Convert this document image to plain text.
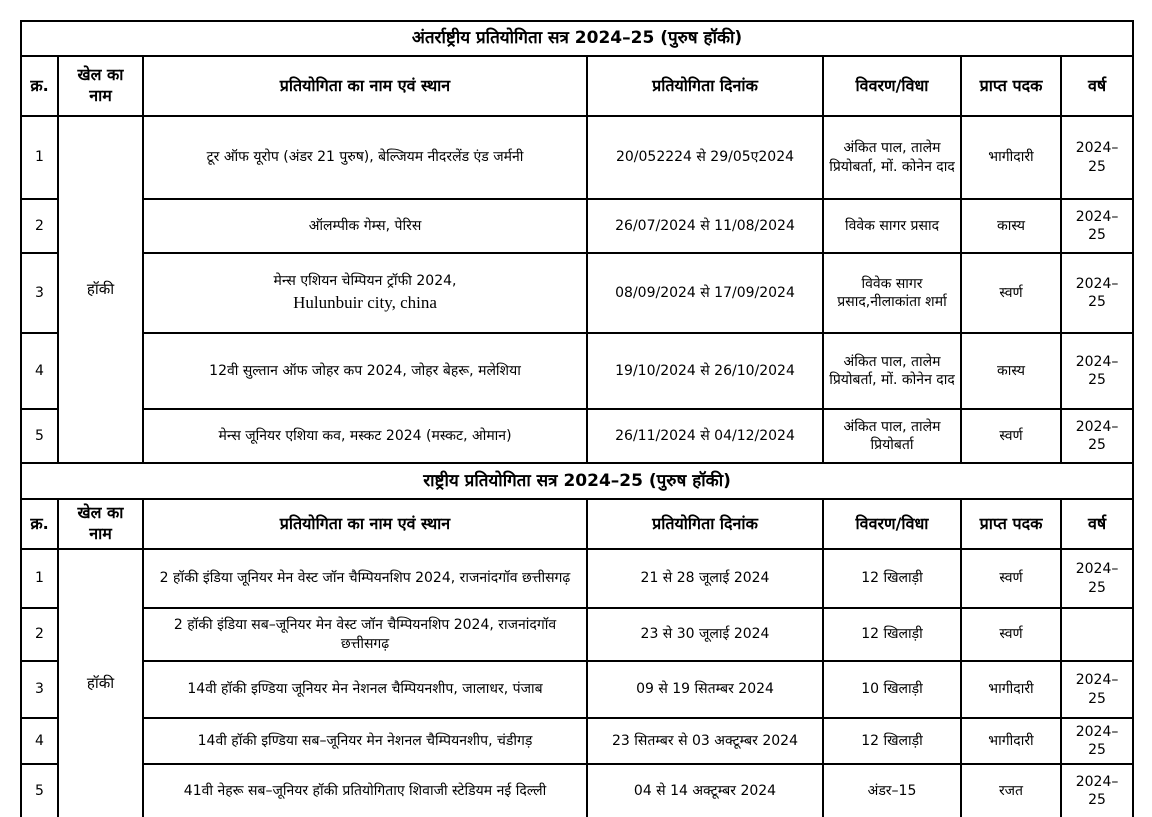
अंतर्राष्ट्रीय प्रतियोगिता सत्र 2024–25 (पुरुष हॉकी)						
क्र.	खेल का नाम	प्रतियोगिता का नाम एवं स्थान	प्रतियोगिता दिनांक	विवरण/विधा	प्राप्त पदक	वर्ष
1	हॉकी	टूर ऑफ यूरोप (अंडर 21 पुरुष), बेल्जियम नीदरलेंड एंड जर्मनी	20/052224 से 29/05ए2024	अंकित पाल, तालेम प्रियोबर्ता, मों. कोनेन दाद	भागीदारी	2024–25
2		ऑलम्पीक गेम्स, पेरिस	26/07/2024 से 11/08/2024	विवेक सागर प्रसाद	कास्य	2024–25
3		मेन्स एशियन चेम्पियन ट्रॉफी 2024,
Hulunbuir city, china	08/09/2024 से 17/09/2024	विवेक सागर प्रसाद,नीलाकांता शर्मा	स्वर्ण	2024–25
4		12वी सुल्तान ऑफ जोहर कप 2024, जोहर बेहरू, मलेशिया	19/10/2024 से 26/10/2024	अंकित पाल, तालेम प्रियोबर्ता, मों. कोनेन दाद	कास्य	2024–25
5		मेन्स जूनियर एशिया कव, मस्कट 2024 (मस्कट, ओमान)	26/11/2024 से 04/12/2024	अंकित पाल, तालेम प्रियोबर्ता	स्वर्ण	2024–25
राष्ट्रीय प्रतियोगिता सत्र 2024–25 (पुरुष हॉकी)						
क्र.	खेल का नाम	प्रतियोगिता का नाम एवं स्थान	प्रतियोगिता दिनांक	विवरण/विधा	प्राप्त पदक	वर्ष
1	हॉकी	2 हॉकी इंडिया जूनियर मेन वेस्ट जॉन चैम्पियनशिप 2024, राजनांदगॉव छत्तीसगढ़	21 से 28 जूलाई 2024	12 खिलाड़ी	स्वर्ण	2024–25
2		2 हॉकी इंडिया सब–जूनियर मेन वेस्ट जॉन चैम्पियनशिप 2024, राजनांदगॉव छत्तीसगढ़	23 से 30 जूलाई 2024	12 खिलाड़ी	स्वर्ण	
3		14वी हॉकी इण्डिया जूनियर मेन नेशनल चैम्पियनशीप, जालाधर, पंजाब	09 से 19 सितम्बर 2024	10 खिलाड़ी	भागीदारी	2024–25
4		14वी हॉकी इण्डिया सब–जूनियर मेन नेशनल चैम्पियनशीप, चंडीगड़	23 सितम्बर से 03 अक्टूम्बर 2024	12 खिलाड़ी	भागीदारी	2024–25
5		41वी नेहरू सब–जूनियर हॉकी प्रतियोगिताए शिवाजी स्टेडियम नई दिल्ली	04 से 14 अक्टूम्बर 2024	अंडर–15	रजत	2024–25
